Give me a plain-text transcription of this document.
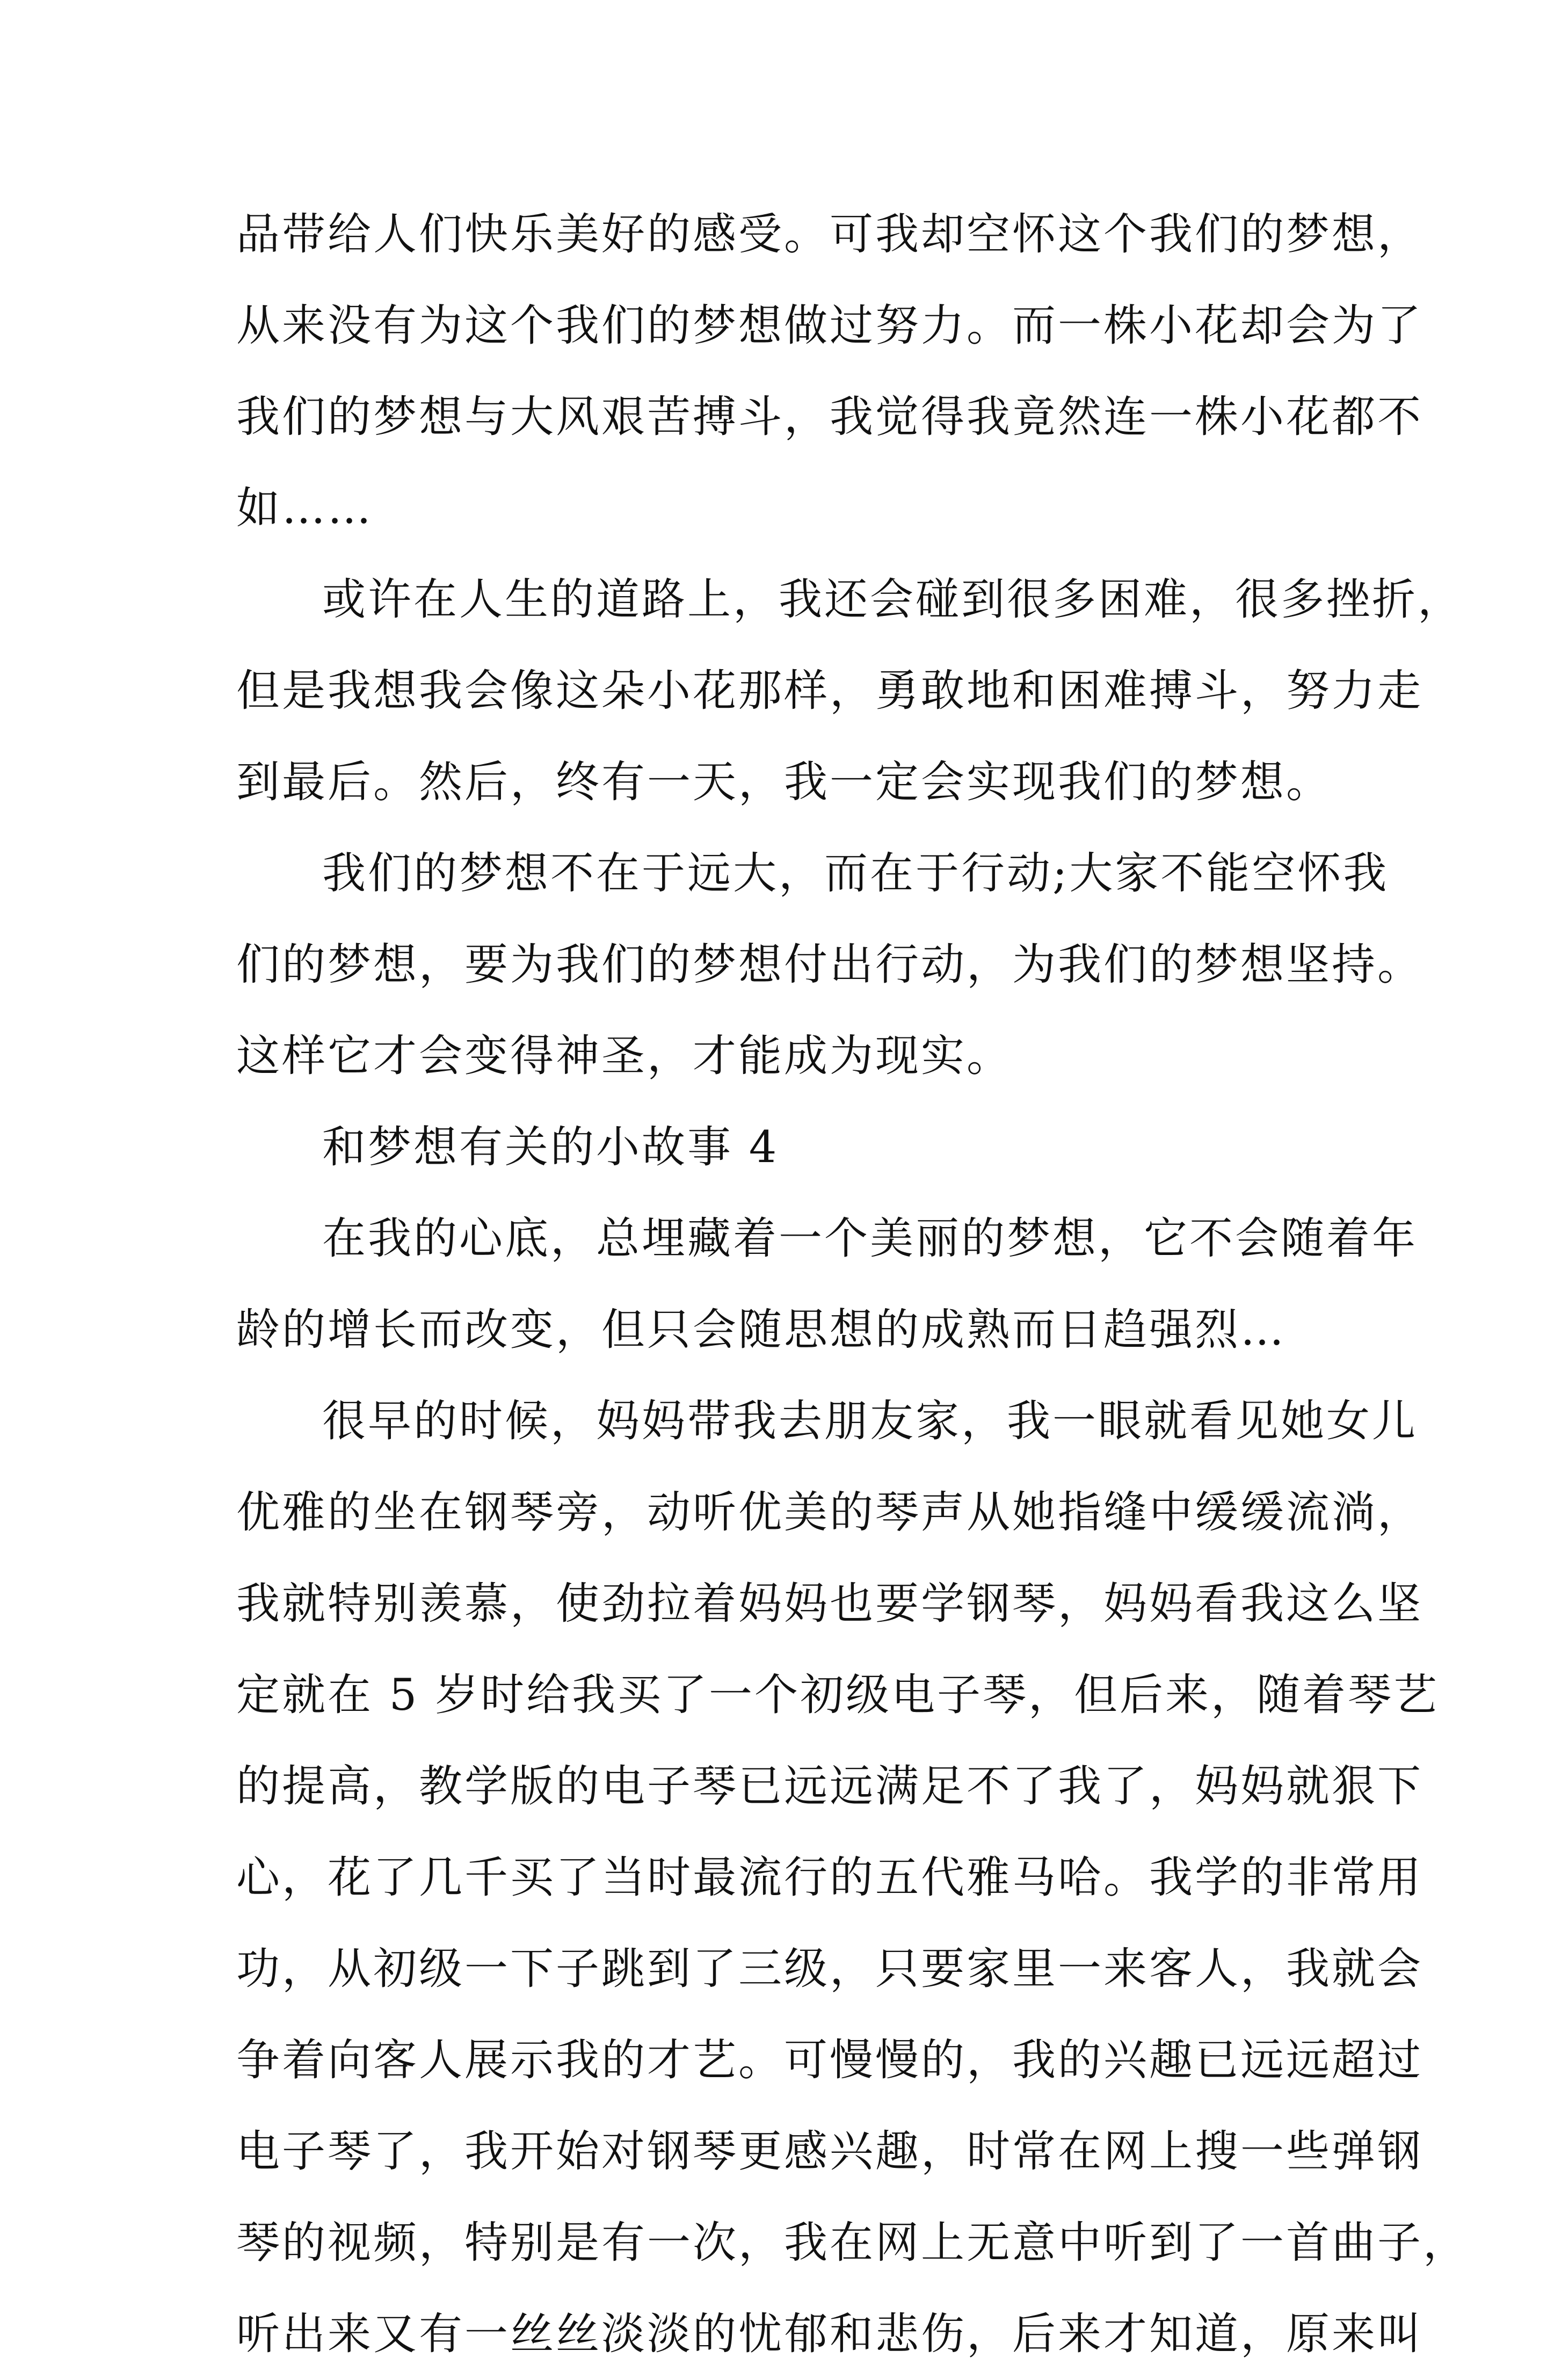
品带给人们快乐美好的感受。可我却空怀这个我们的梦想，
从来没有为这个我们的梦想做过努力。而一株小花却会为了
我们的梦想与大风艰苦搏斗，我觉得我竟然连一株小花都不
如……
或许在人生的道路上，我还会碰到很多困难，很多挫折，
但是我想我会像这朵小花那样，勇敢地和困难搏斗，努力走
到最后。然后，终有一天，我一定会实现我们的梦想。
我们的梦想不在于远大，而在于行动;大家不能空怀我
们的梦想，要为我们的梦想付出行动，为我们的梦想坚持。
这样它才会变得神圣，才能成为现实。
和梦想有关的小故事 4
在我的心底，总埋藏着一个美丽的梦想，它不会随着年
龄的增长而改变，但只会随思想的成熟而日趋强烈…
很早的时候，妈妈带我去朋友家，我一眼就看见她女儿
优雅的坐在钢琴旁，动听优美的琴声从她指缝中缓缓流淌，
我就特别羡慕，使劲拉着妈妈也要学钢琴，妈妈看我这么坚
定就在 5 岁时给我买了一个初级电子琴，但后来，随着琴艺
的提高，教学版的电子琴已远远满足不了我了，妈妈就狠下
心，花了几千买了当时最流行的五代雅马哈。我学的非常用
功，从初级一下子跳到了三级，只要家里一来客人，我就会
争着向客人展示我的才艺。可慢慢的，我的兴趣已远远超过
电子琴了，我开始对钢琴更感兴趣，时常在网上搜一些弹钢
琴的视频，特别是有一次，我在网上无意中听到了一首曲子，
听出来又有一丝丝淡淡的忧郁和悲伤，后来才知道，原来叫
